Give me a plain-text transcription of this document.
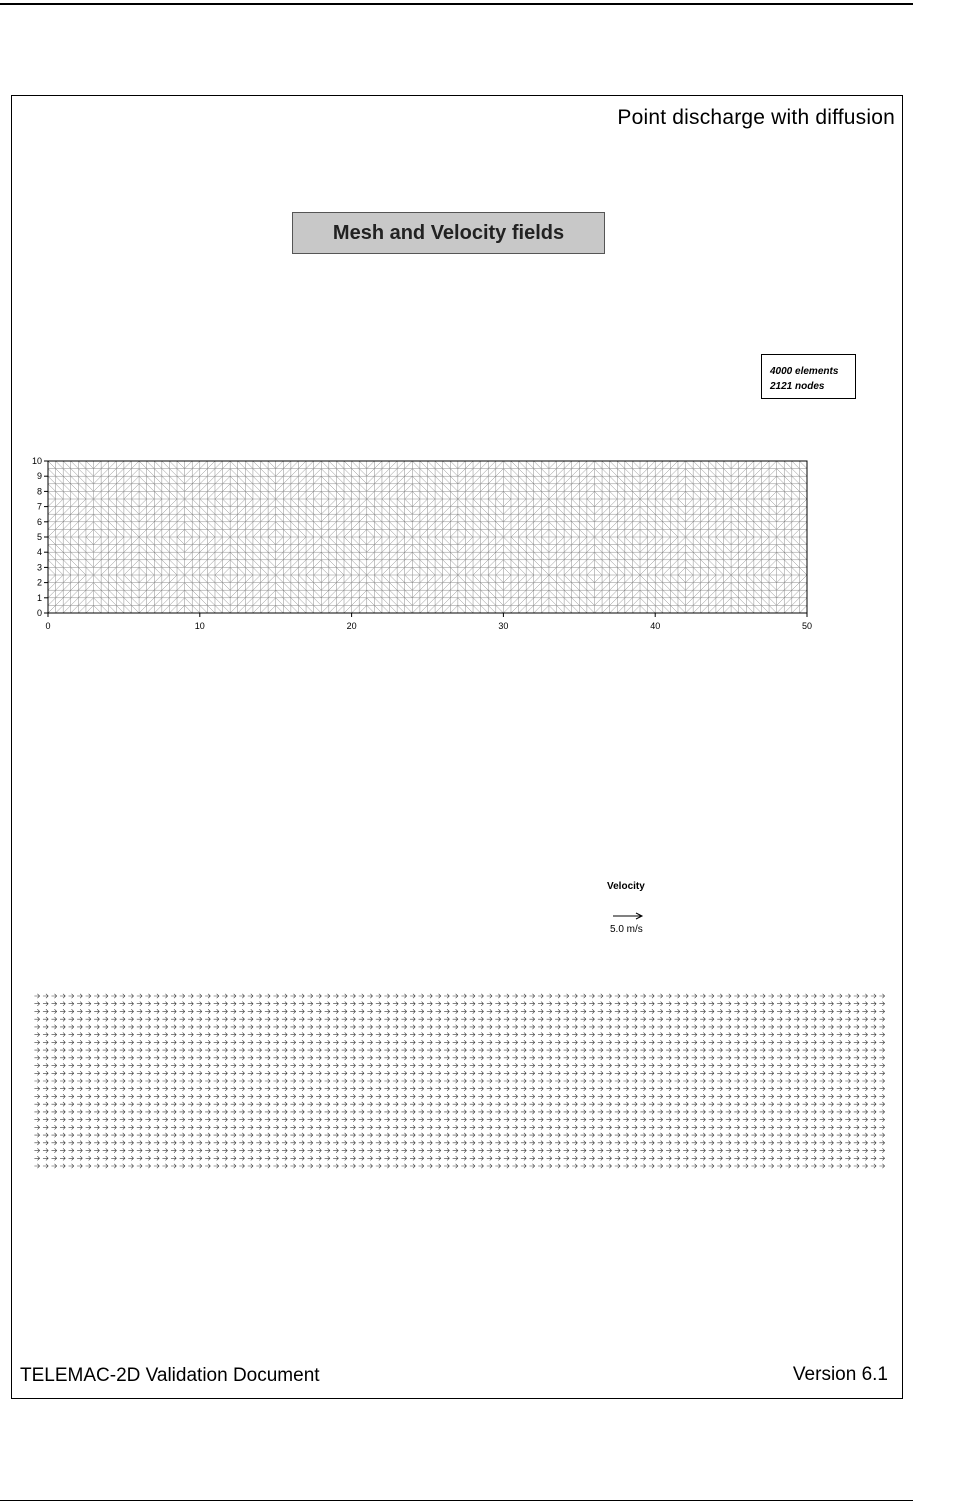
Point discharge with diffusion
Mesh and Velocity fields
4000 elements
2121 nodes
0	10	20	30	40	50
0
1
2
3
4
5
6
7
8
9
10
Velocity
5.0 m/s
TELEMAC-2D Validation Document	Version 6.1
